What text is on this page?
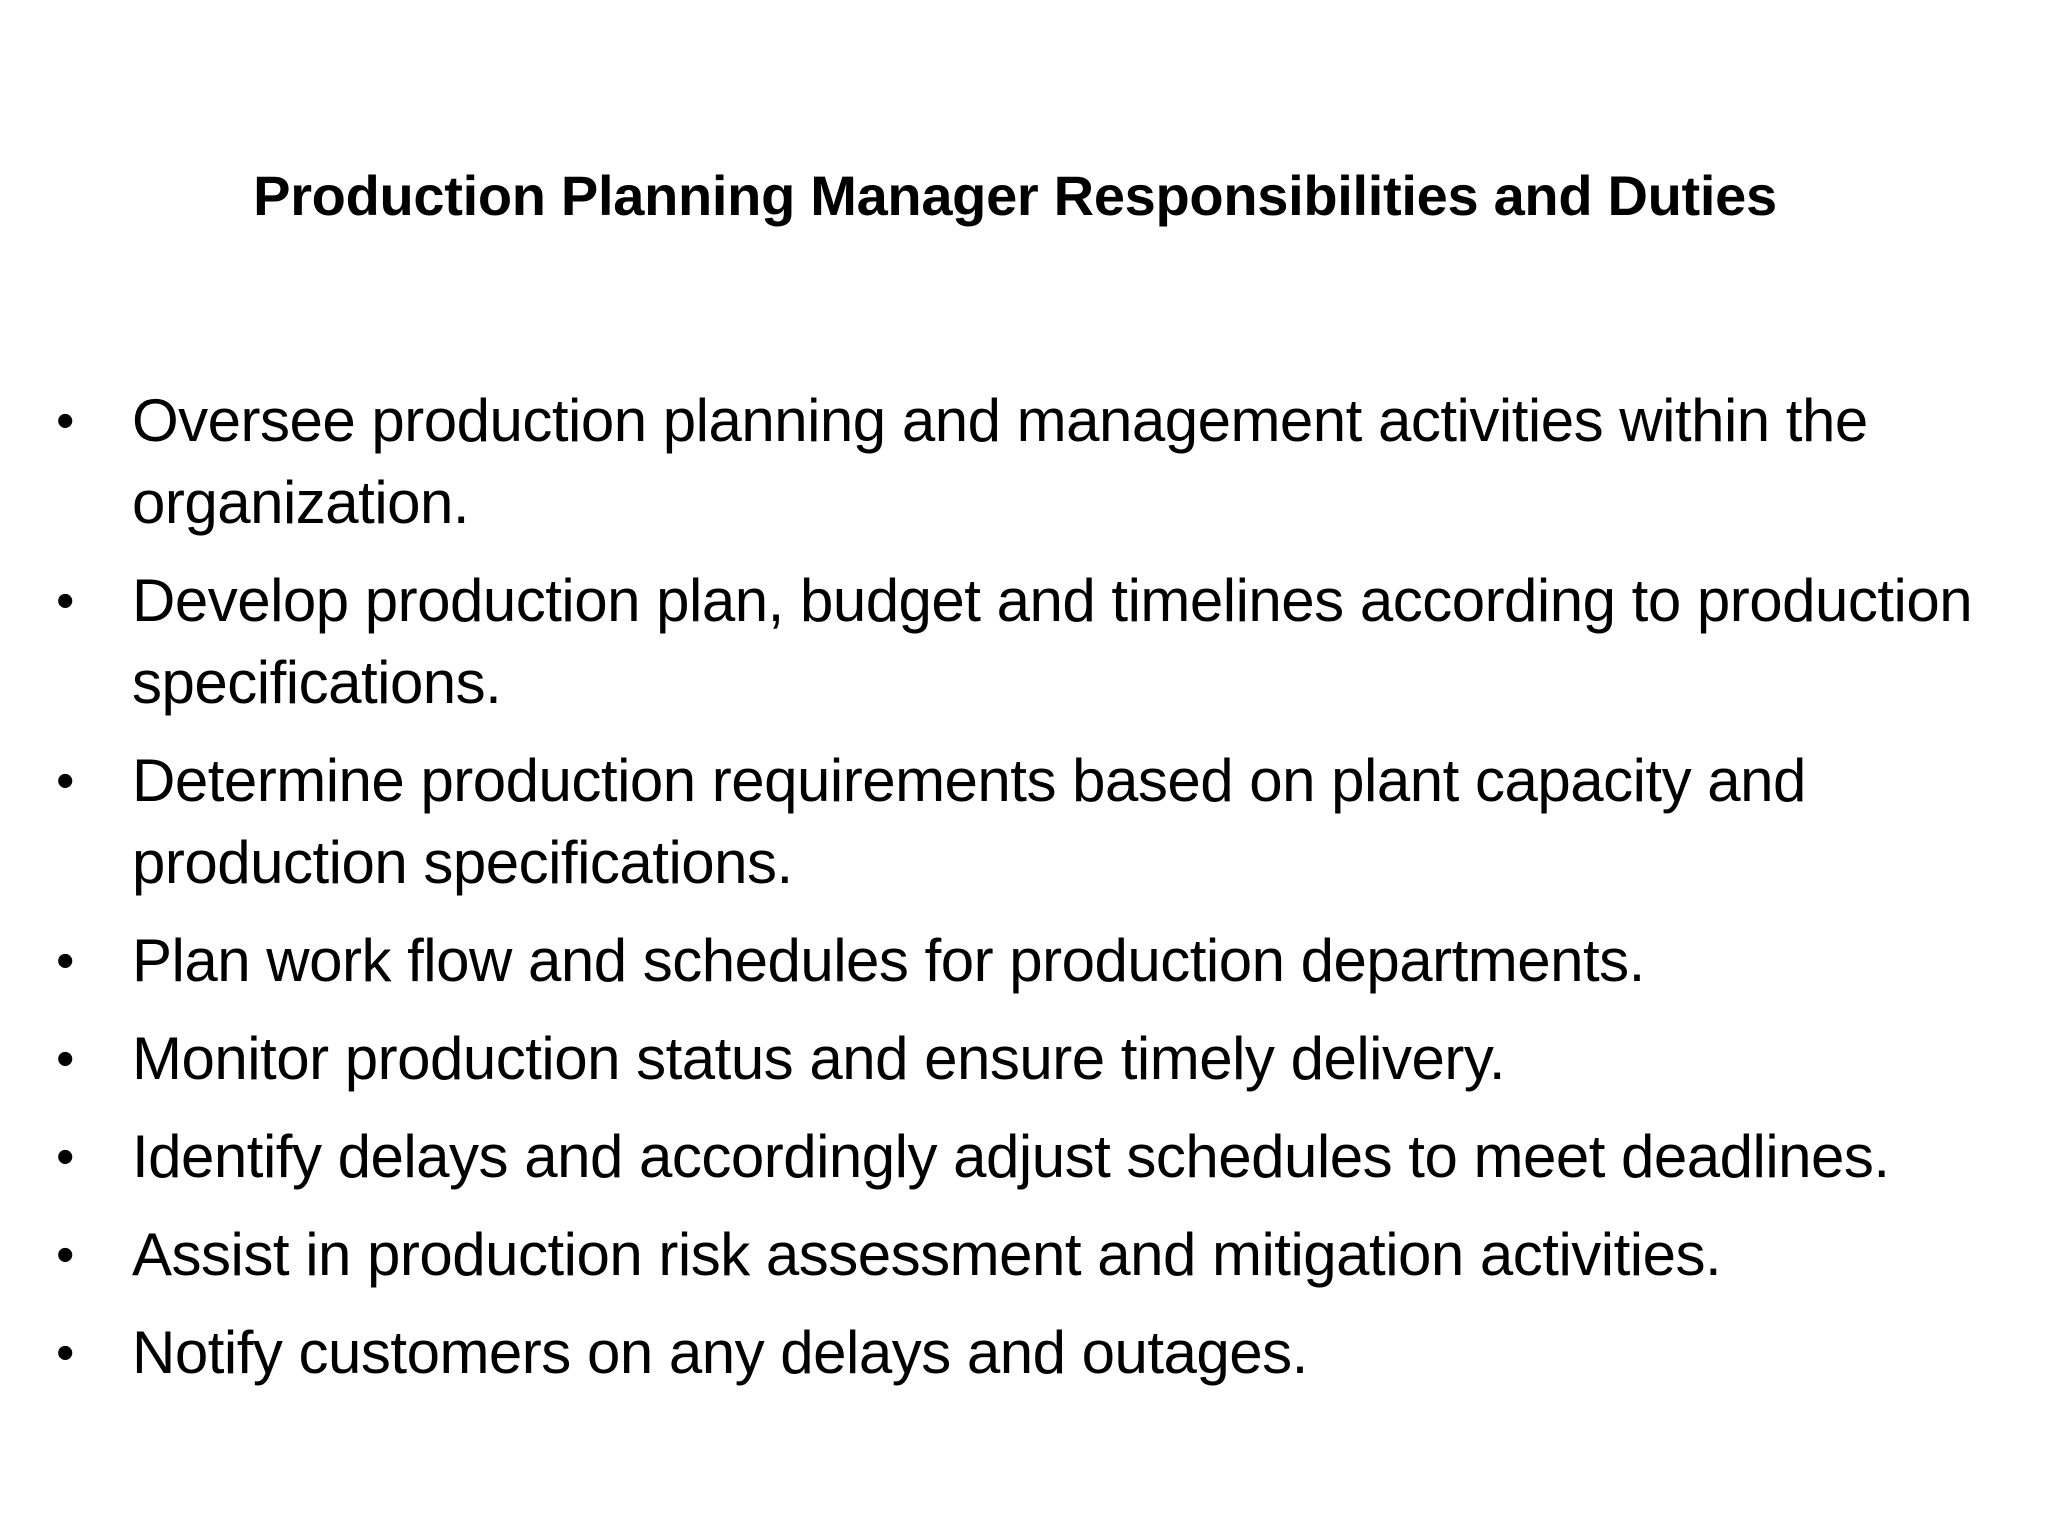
Production Planning Manager Responsibilities and Duties
• Oversee production planning and management activities within the organization.
• Develop production plan, budget and timelines according to production specifications.
• Determine production requirements based on plant capacity and production specifications.
• Plan work flow and schedules for production departments.
• Monitor production status and ensure timely delivery.
• Identify delays and accordingly adjust schedules to meet deadlines.
• Assist in production risk assessment and mitigation activities.
• Notify customers on any delays and outages.
